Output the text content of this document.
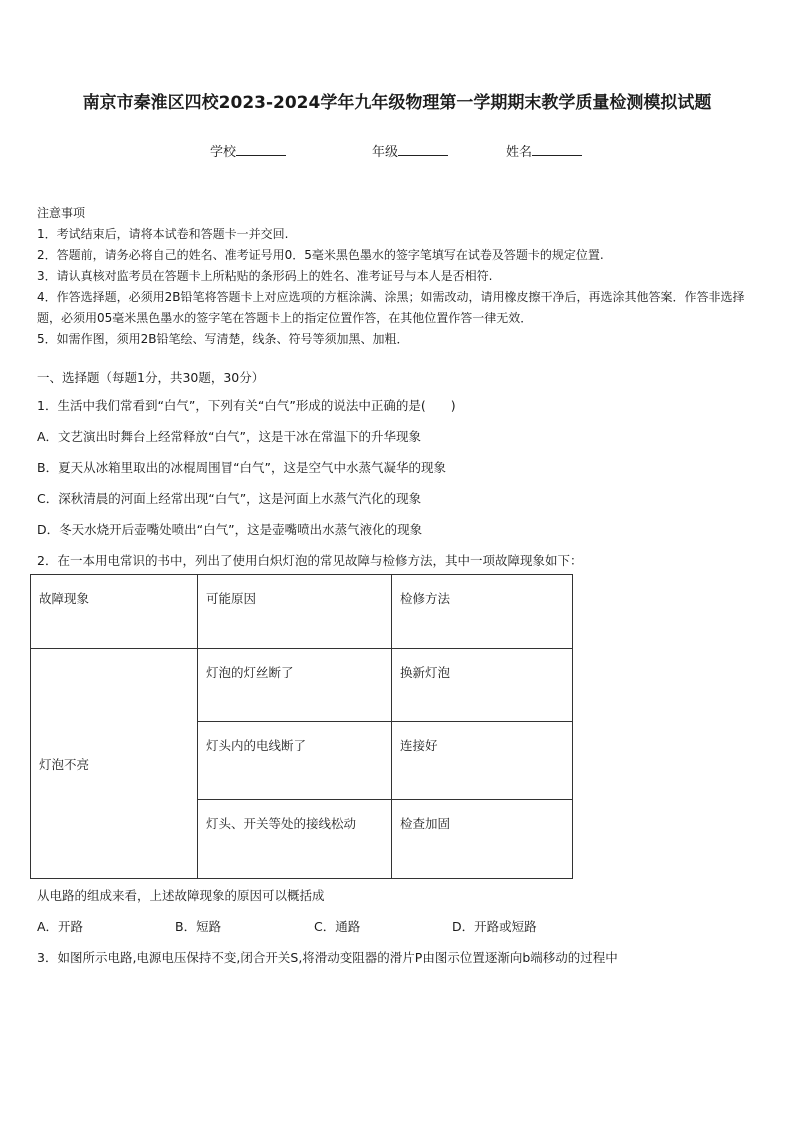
南京市秦淮区四校2023-2024学年九年级物理第一学期期末教学质量检测模拟试题
学校	年级	姓名

注意事项

1．考试结束后，请将本试卷和答题卡一并交回.

2．答题前，请务必将自己的姓名、准考证号用0．5毫米黑色墨水的签字笔填写在试卷及答题卡的规定位置.

3．请认真核对监考员在答题卡上所粘贴的条形码上的姓名、准考证号与本人是否相符.

4．作答选择题，必须用2B铅笔将答题卡上对应选项的方框涂满、涂黑；如需改动，请用橡皮擦干净后，再选涂其他答案．作答非选择题，必须用05毫米黑色墨水的签字笔在答题卡上的指定位置作答，在其他位置作答一律无效．

5．如需作图，须用2B铅笔绘、写清楚，线条、符号等须加黑、加粗．

一、选择题（每题1分，共30题，30分）
1．生活中我们常看到“白气”，下列有关“白气”形成的说法中正确的是(　　)
A．文艺演出时舞台上经常释放“白气”，这是干冰在常温下的升华现象
B．夏天从冰箱里取出的冰棍周围冒“白气”，这是空气中水蒸气凝华的现象
C．深秋清晨的河面上经常出现“白气”，这是河面上水蒸气汽化的现象
D．冬天水烧开后壶嘴处喷出“白气”，这是壶嘴喷出水蒸气液化的现象
2．在一本用电常识的书中，列出了使用白炽灯泡的常见故障与检修方法，其中一项故障现象如下：
故障现象	可能原因	检修方法
灯泡不亮	灯泡的灯丝断了	换新灯泡
	灯头内的电线断了	连接好
	灯头、开关等处的接线松动	检查加固
从电路的组成来看，上述故障现象的原因可以概括成
A．开路	B．短路	C．通路	D．开路或短路
3．如图所示电路,电源电压保持不变,闭合开关S,将滑动变阻器的滑片P由图示位置逐渐向b端移动的过程中
